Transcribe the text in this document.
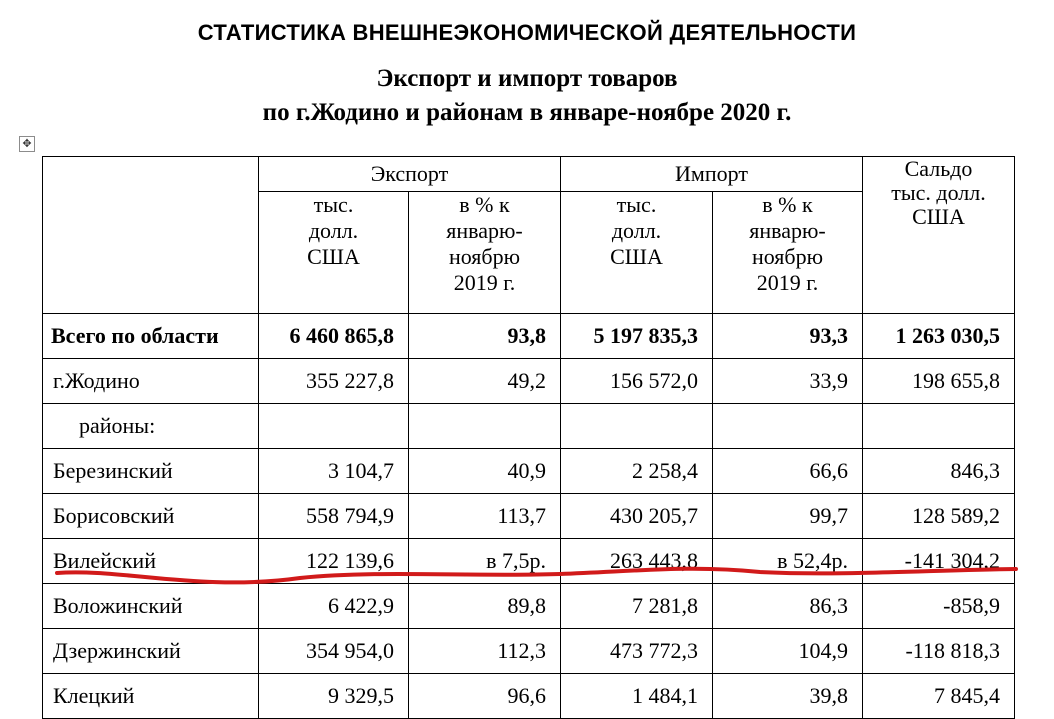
СТАТИСТИКА ВНЕШНЕЭКОНОМИЧЕСКОЙ ДЕЯТЕЛЬНОСТИ
Экспорт и импорт товаров
по г.Жодино и районам в январе-ноябре 2020 г.
✥
	Экспорт		Импорт		Сальдо тыс. долл. США
	тыс. долл. США	в % к январю-ноябрю 2019 г.	тыс. долл. США	в % к январю-ноябрю 2019 г.	
Всего по области	6 460 865,8	93,8	5 197 835,3	93,3	1 263 030,5
г.Жодино	355 227,8	49,2	156 572,0	33,9	198 655,8
районы:					
Березинский	3 104,7	40,9	2 258,4	66,6	846,3
Борисовский	558 794,9	113,7	430 205,7	99,7	128 589,2
Вилейский	122 139,6	в 7,5р.	263 443,8	в 52,4р.	-141 304,2
Воложинский	6 422,9	89,8	7 281,8	86,3	-858,9
Дзержинский	354 954,0	112,3	473 772,3	104,9	-118 818,3
Клецкий	9 329,5	96,6	1 484,1	39,8	7 845,4
